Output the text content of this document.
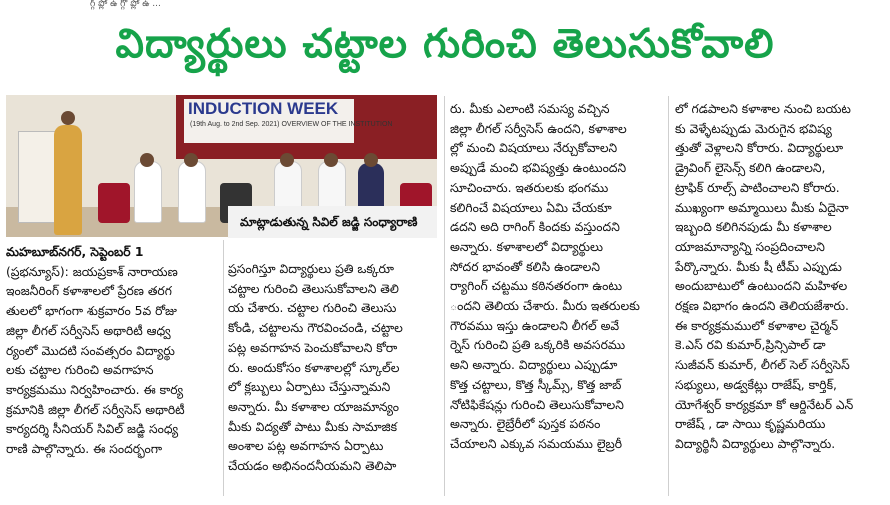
గ్గ్ ప్లో ఉ గ్గో ప్లో ఉ ...
విద్యార్థులు చట్టాల గురించి తెలుసుకోవాలి
INDUCTION WEEK
(19th Aug. to 2nd Sep. 2021) OVERVIEW OF THE INSTITUTION
మాట్లాడుతున్న సివిల్ జడ్జి సంధ్యారాణి

మహబూబ్‌నగర్, సెప్టెంబర్ 1

(ప్రభన్యూస్): జయప్రకాశ్ నారాయణ

ఇంజనీరింగ్ కళాశాలలో ప్రేరణ తరగ

తులలో భాగంగా శుక్రవారం 5వ రోజు

జిల్లా లీగల్ సర్వీసెస్ అథారిటీ ఆధ్వ

ర్యంలో మొదటి సంవత్సరం విద్యార్థు

లకు చట్టాల గురించి అవగాహన

కార్యక్రమము నిర్వహించారు. ఈ కార్య

క్రమానికి జిల్లా లీగల్ సర్వీసెస్ అథారిటీ

కార్యదర్శి సీనియర్ సివిల్ జడ్జి సంధ్య

రాణి పాల్గొన్నారు. ఈ సందర్భంగా

ప్రసంగిస్తూ విద్యార్థులు ప్రతి ఒక్కరూ

చట్టాల గురించి తెలుసుకోవాలని తెలి

య చేశారు. చట్టాల గురించి తెలుసు

కోండి, చట్టాలను గౌరవించండి, చట్టాల

పట్ల అవగాహన పెంచుకోవాలని కోరా

రు. అందుకోసం కళాశాలల్లో స్కూల్‌ల

లో క్లబ్బులు ఏర్పాటు చేస్తున్నామని

అన్నారు. మీ కళాశాల యాజమాన్యం

మీకు విద్యతో పాటు మీకు సామాజిక

అంశాల పట్ల అవగాహన ఏర్పాటు

చేయడం అభినందనీయమని తెలిపా

రు. మీకు ఎలాంటి సమస్య వచ్చిన

జిల్లా లీగల్ సర్వీసెస్ ఉందని, కళాశాల

ల్లో మంచి విషయాలు నేర్చుకోవాలని

అప్పుడే మంచి భవిష్యత్తు ఉంటుందని

సూచించారు. ఇతరులకు భంగము

కలిగించే విషయాలు ఏమి చేయకూ

డదని అది రాగింగ్ కిందకు వస్తుందని

అన్నారు. కళాశాలలో విద్యార్థులు

సోదర భావంతో కలిసి ఉండాలని

ర్యాగింగ్ చట్టము కఠినతరంగా ఉంటు

ందని తెలియ చేశారు. మీరు ఇతరులకు

గౌరవము ఇస్తు ఉండాలని లీగల్ అవే

ర్నెస్ గురించి ప్రతి ఒక్కరికి అవసరము

అని అన్నారు. విద్యార్థులు ఎప్పుడూ

కొత్త చట్టాలు, కొత్త స్కీమ్స్, కొత్త జాబ్

నోటిఫికేషన్లు గురించి తెలుసుకోవాలని

అన్నారు. లైబ్రేరీలో పుస్తక పఠనం

చేయాలని ఎక్కువ సమయము లైబ్రరీ

లో గడపాలని కళాశాల నుంచి బయట

కు వెళ్ళేటప్పుడు మెరుగైన భవిష్య

త్తుతో వెళ్లాలని కోరారు. విద్యార్థులూ

డ్రైవింగ్ లైసెన్స్ కలిగి ఉండాలని,

ట్రాఫిక్ రూల్స్ పాటించాలని కోరారు.

ముఖ్యంగా అమ్మాయిలు మీకు ఏదైనా

ఇబ్బంది కలిగినపుడు మీ కళాశాల

యాజమాన్యాన్ని సంప్రదించాలని

పేర్కొన్నారు. మీకు షీ టీమ్ ఎప్పుడు

అందుబాటులో ఉంటుందని మహిళల

రక్షణ విభాగం ఉందని తెలియజేశారు.

ఈ కార్యక్రమములో కళాశాల చైర్మన్

కె.ఎస్ రవి కుమార్,ప్రిన్సిపాల్ డా

సుజీవన్ కుమార్, లీగల్ సెల్ సర్వీసెస్

సభ్యులు, అడ్వకేట్లు రాజేష్, కార్తిక్,

యోగేశ్వర్ కార్యక్రమా కో ఆర్డినేటర్ ఎన్

రాజేష్ , డా సాయి కృష్ణమరియు

విద్యార్థినీ విద్యార్థులు పాల్గొన్నారు.
